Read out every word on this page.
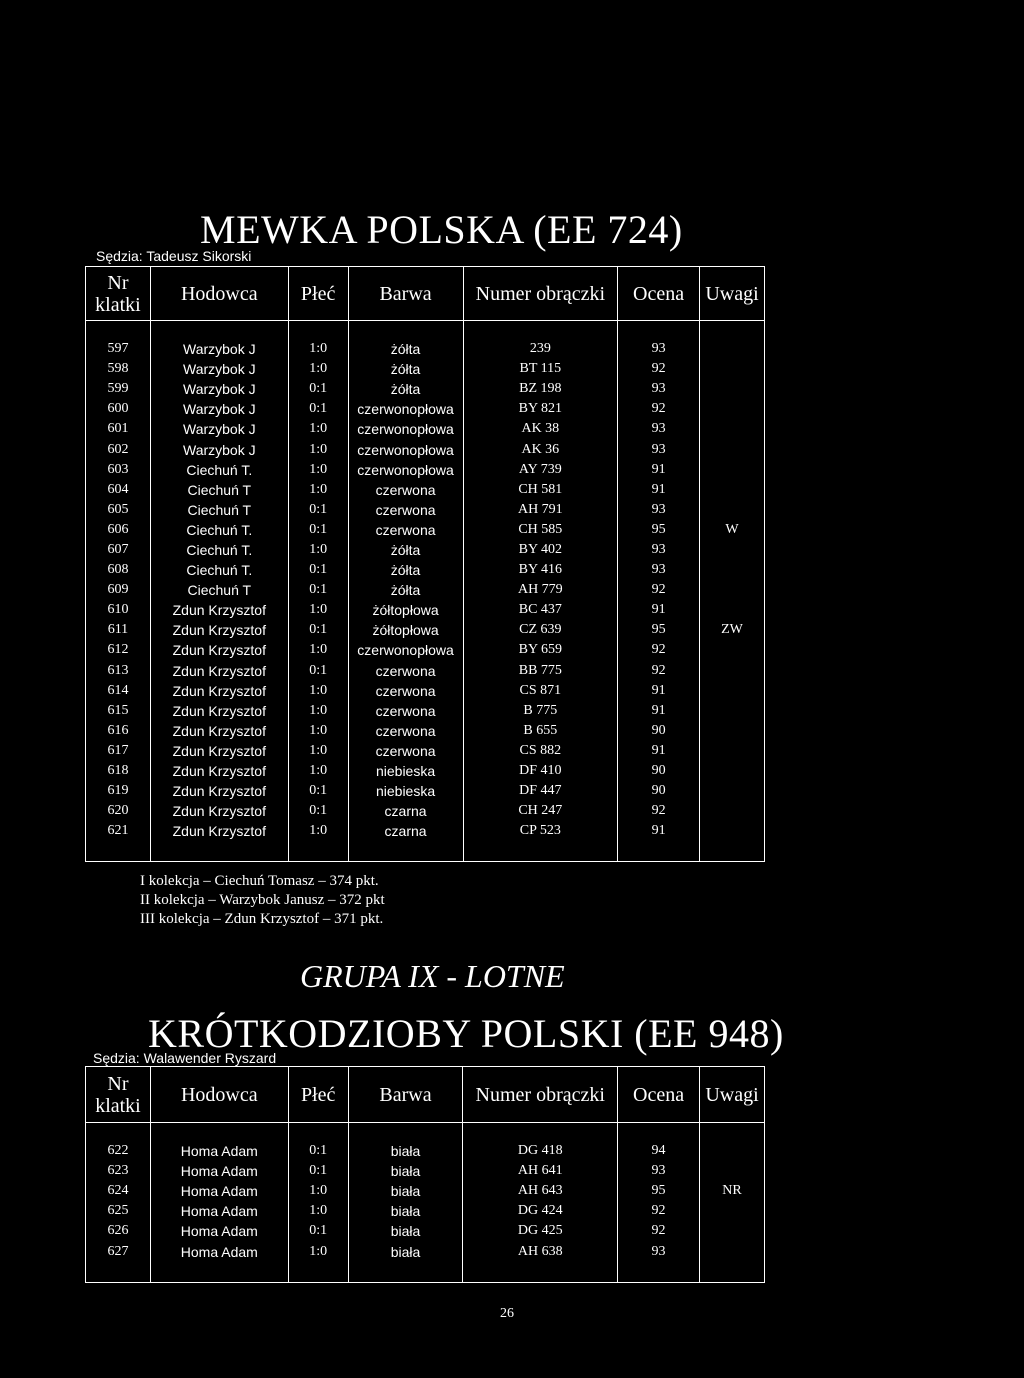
MEWKA POLSKA (EE 724)
Sędzia: Tadeusz Sikorski
Nr klatki	Hodowca	Płeć	Barwa	Numer obrączki	Ocena	Uwagi
597	Warzybok J	1:0	żółta	239	93	
598	Warzybok J	1:0	żółta	BT 115	92	
599	Warzybok J	0:1	żółta	BZ 198	93	
600	Warzybok J	0:1	czerwonopłowa	BY 821	92	
601	Warzybok J	1:0	czerwonopłowa	AK 38	93	
602	Warzybok J	1:0	czerwonopłowa	AK 36	93	
603	Ciechuń T.	1:0	czerwonopłowa	AY 739	91	
604	Ciechuń T	1:0	czerwona	CH 581	91	
605	Ciechuń T	0:1	czerwona	AH 791	93	
606	Ciechuń T.	0:1	czerwona	CH 585	95	W
607	Ciechuń T.	1:0	żółta	BY 402	93	
608	Ciechuń T.	0:1	żółta	BY 416	93	
609	Ciechuń T	0:1	żółta	AH 779	92	
610	Zdun Krzysztof	1:0	żółtopłowa	BC 437	91	
611	Zdun Krzysztof	0:1	żółtopłowa	CZ 639	95	ZW
612	Zdun Krzysztof	1:0	czerwonopłowa	BY 659	92	
613	Zdun Krzysztof	0:1	czerwona	BB 775	92	
614	Zdun Krzysztof	1:0	czerwona	CS 871	91	
615	Zdun Krzysztof	1:0	czerwona	B 775	91	
616	Zdun Krzysztof	1:0	czerwona	B 655	90	
617	Zdun Krzysztof	1:0	czerwona	CS 882	91	
618	Zdun Krzysztof	1:0	niebieska	DF 410	90	
619	Zdun Krzysztof	0:1	niebieska	DF 447	90	
620	Zdun Krzysztof	0:1	czarna	CH 247	92	
621	Zdun Krzysztof	1:0	czarna	CP 523	91	
I kolekcja – Ciechuń Tomasz – 374 pkt.
II kolekcja – Warzybok Janusz – 372 pkt
III kolekcja – Zdun Krzysztof – 371 pkt.
GRUPA IX - LOTNE
KRÓTKODZIOBY POLSKI (EE 948)
Sędzia: Walawender Ryszard
Nr klatki	Hodowca	Płeć	Barwa	Numer obrączki	Ocena	Uwagi
622	Homa Adam	0:1	biała	DG 418	94	
623	Homa Adam	0:1	biała	AH 641	93	
624	Homa Adam	1:0	biała	AH 643	95	NR
625	Homa Adam	1:0	biała	DG 424	92	
626	Homa Adam	0:1	biała	DG 425	92	
627	Homa Adam	1:0	biała	AH 638	93	
26
